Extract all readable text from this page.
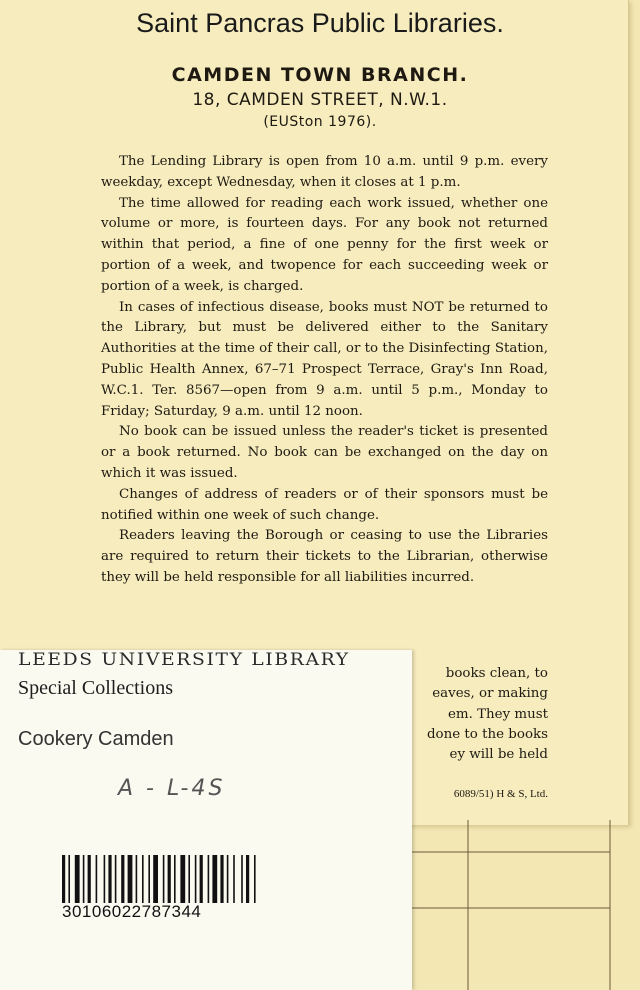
Saint Pancras Public Libraries.
CAMDEN TOWN BRANCH.
18, CAMDEN STREET, N.W.1.
(EUSton 1976).

The Lending Library is open from 10 a.m. until 9 p.m. every weekday, except Wednesday, when it closes at 1 p.m.

The time allowed for reading each work issued, whether one volume or more, is fourteen days. For any book not returned within that period, a fine of one penny for the first week or portion of a week, and twopence for each succeeding week or portion of a week, is charged.

In cases of infectious disease, books must NOT be returned to the Library, but must be delivered either to the Sanitary Authorities at the time of their call, or to the Disinfecting Station, Public Health Annex, 67–71 Prospect Terrace, Gray's Inn Road, W.C.1. Ter. 8567—open from 9 a.m. until 5 p.m., Monday to Friday; Saturday, 9 a.m. until 12 noon.

No book can be issued unless the reader's ticket is presented or a book returned. No book can be exchanged on the day on which it was issued.

Changes of address of readers or of their sponsors must be notified within one week of such change.

Readers leaving the Borough or ceasing to use the Libraries are required to return their tickets to the Librarian, otherwise they will be held responsible for all liabilities incurred.

books clean, to
eaves, or making
em. They must
done to the books
ey will be held
6089/51) H & S, Ltd.
LEEDS UNIVERSITY LIBRARY
Special Collections
Cookery Camden
A - L-4S
30106022787344
